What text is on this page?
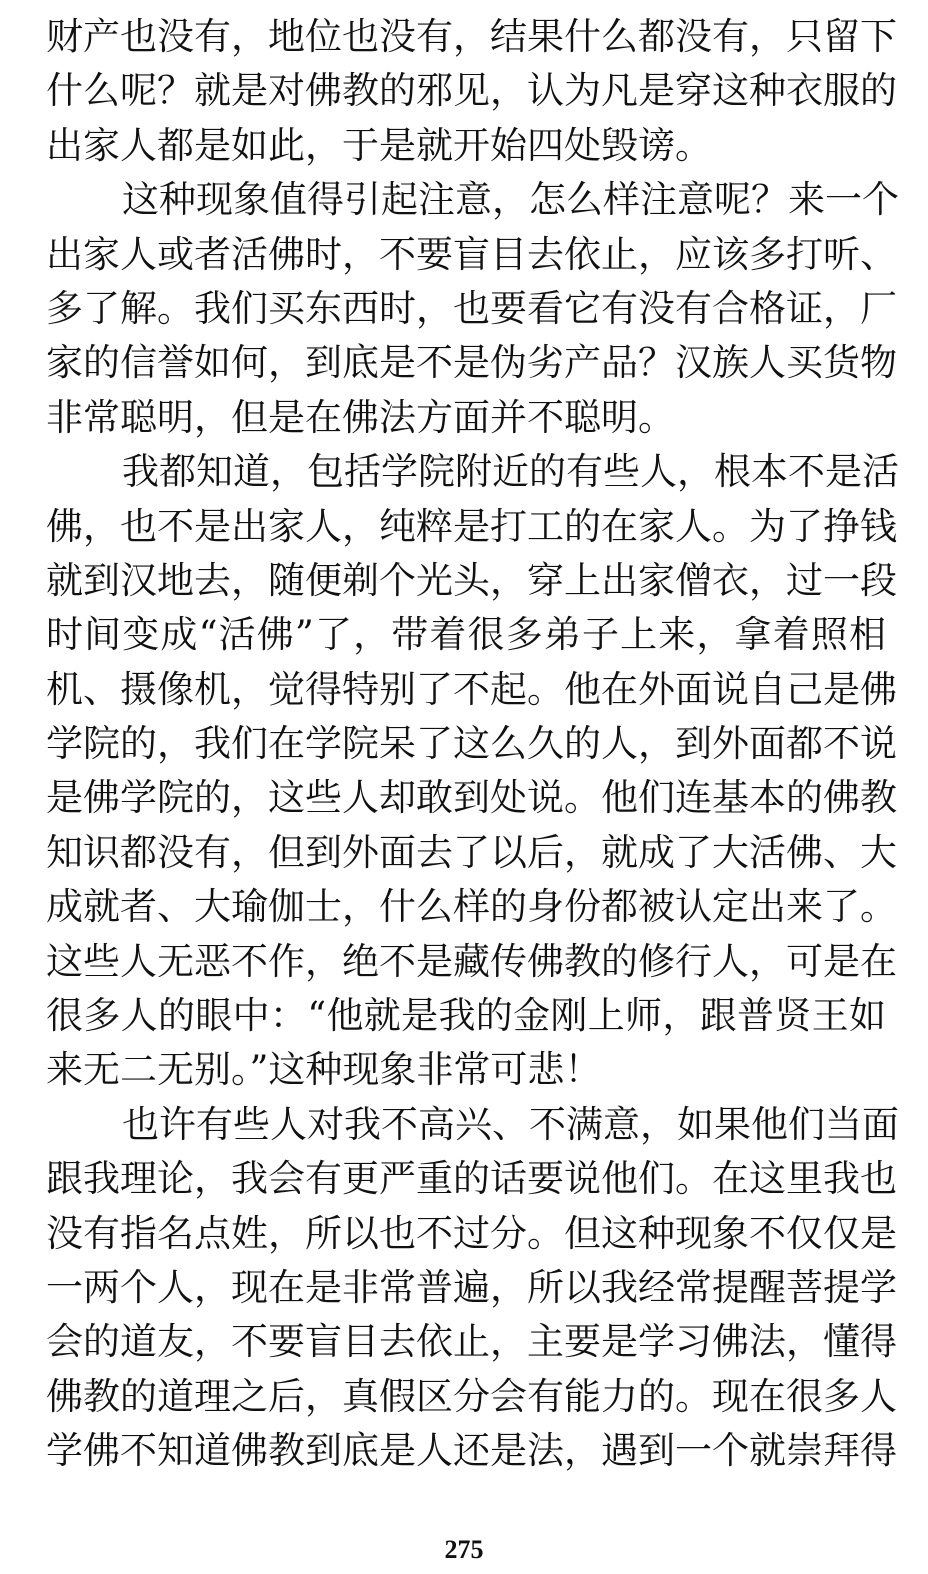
财产也没有，地位也没有，结果什么都没有，只留下
什么呢？就是对佛教的邪见，认为凡是穿这种衣服的
出家人都是如此，于是就开始四处毁谤。
这种现象值得引起注意，怎么样注意呢？来一个
出家人或者活佛时，不要盲目去依止，应该多打听、
多了解。我们买东西时，也要看它有没有合格证，厂
家的信誉如何，到底是不是伪劣产品？汉族人买货物
非常聪明，但是在佛法方面并不聪明。
我都知道，包括学院附近的有些人，根本不是活
佛，也不是出家人，纯粹是打工的在家人。为了挣钱
就到汉地去，随便剃个光头，穿上出家僧衣，过一段
时间变成“活佛”了，带着很多弟子上来，拿着照相
机、摄像机，觉得特别了不起。他在外面说自己是佛
学院的，我们在学院呆了这么久的人，到外面都不说
是佛学院的，这些人却敢到处说。他们连基本的佛教
知识都没有，但到外面去了以后，就成了大活佛、大
成就者、大瑜伽士，什么样的身份都被认定出来了。
这些人无恶不作，绝不是藏传佛教的修行人，可是在
很多人的眼中：“他就是我的金刚上师，跟普贤王如
来无二无别。”这种现象非常可悲！
也许有些人对我不高兴、不满意，如果他们当面
跟我理论，我会有更严重的话要说他们。在这里我也
没有指名点姓，所以也不过分。但这种现象不仅仅是
一两个人，现在是非常普遍，所以我经常提醒菩提学
会的道友，不要盲目去依止，主要是学习佛法，懂得
佛教的道理之后，真假区分会有能力的。现在很多人
学佛不知道佛教到底是人还是法，遇到一个就崇拜得
275
